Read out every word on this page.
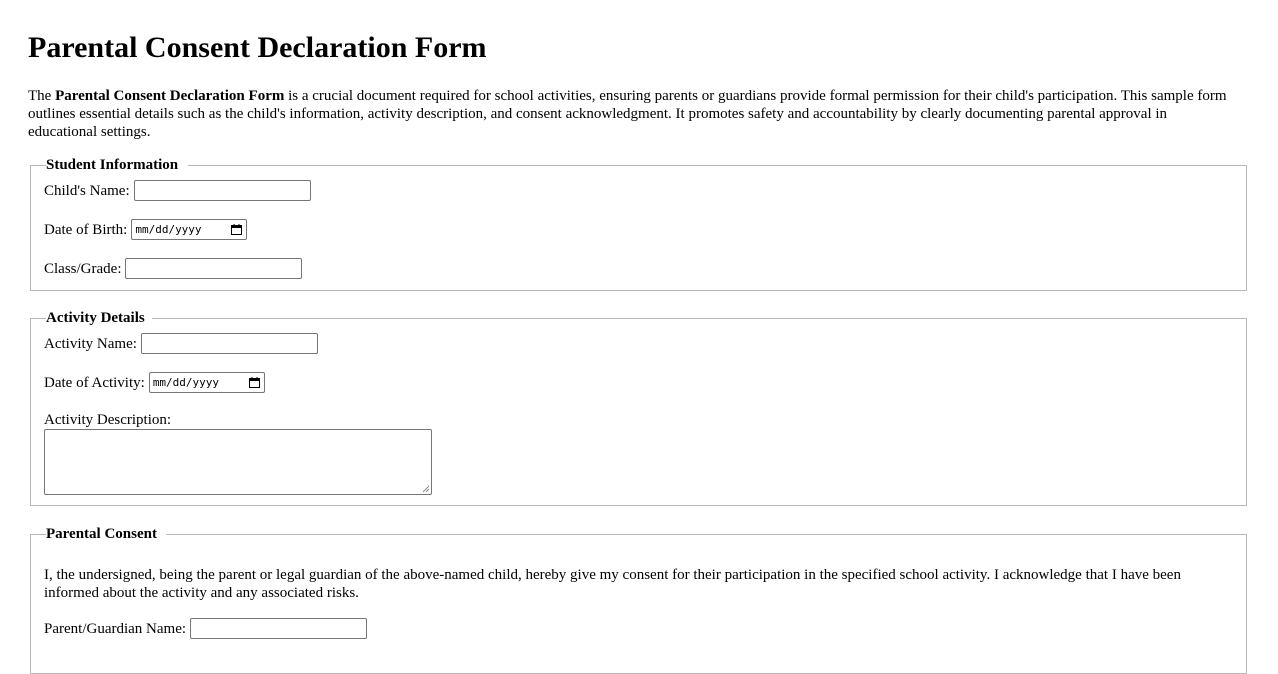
Parental Consent Declaration Form

The Parental Consent Declaration Form is a crucial document required for school activities, ensuring parents or guardians provide formal permission for their child's participation. This sample form outlines essential details such as the child's information, activity description, and consent acknowledgment. It promotes safety and accountability by clearly documenting parental approval in educational settings.

Student Information
Child's Name:
Date of Birth: mm/dd/yyyy
Class/Grade:
Activity Details
Activity Name:
Date of Activity: mm/dd/yyyy
Activity Description:
Parental Consent
I, the undersigned, being the parent or legal guardian of the above-named child, hereby give my consent for their participation in the specified school activity. I acknowledge that I have been informed about the activity and any associated risks.
Parent/Guardian Name:
